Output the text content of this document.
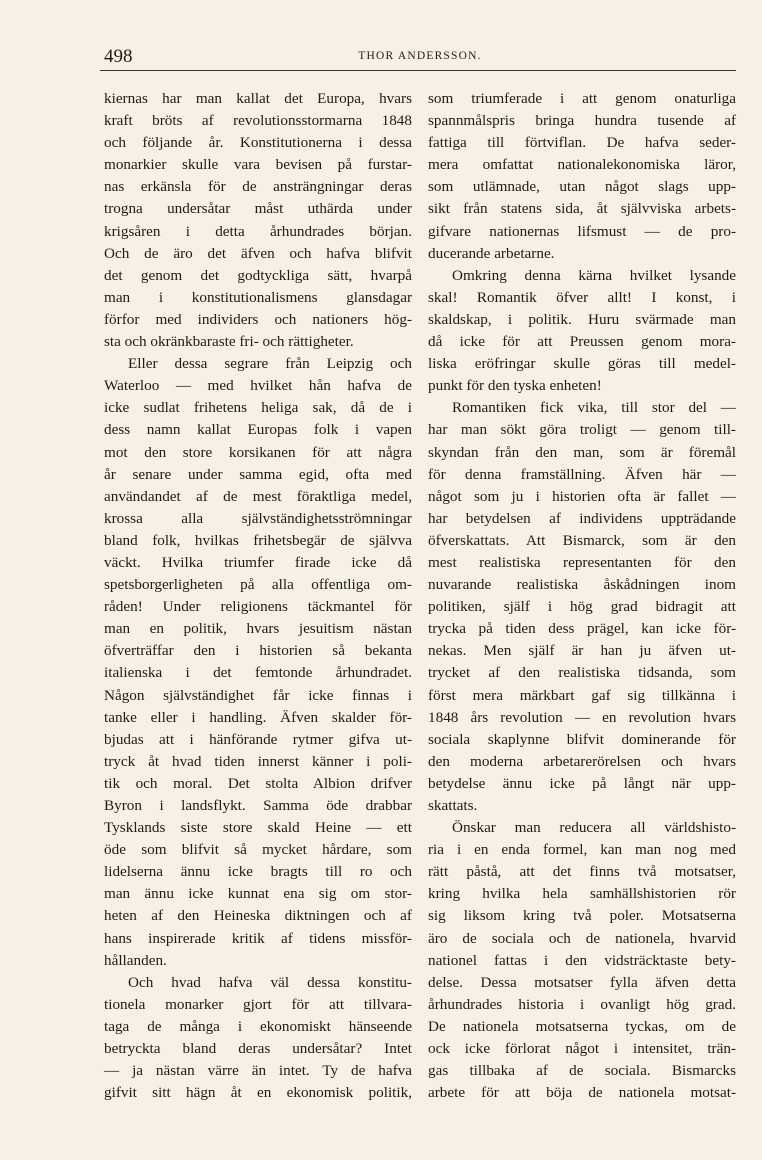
498	THOR ANDERSSON.
kiernas har man kallat det Europa, hvars
kraft bröts af revolutionsstormarna 1848
och följande år. Konstitutionerna i dessa
monarkier skulle vara bevisen på furstar-
nas erkänsla för de ansträngningar deras
trogna undersåtar måst uthärda under
krigsåren i detta århundrades början.
Och de äro det äfven och hafva blifvit
det genom det godtyckliga sätt, hvarpå
man i konstitutionalismens glansdagar
förfor med individers och nationers hög-
sta och okränkbaraste fri- och rättigheter.
Eller dessa segrare från Leipzig och
Waterloo — med hvilket hån hafva de
icke sudlat frihetens heliga sak, då de i
dess namn kallat Europas folk i vapen
mot den store korsikanen för att några
år senare under samma egid, ofta med
användandet af de mest föraktliga medel,
krossa alla självständighetsströmningar
bland folk, hvilkas frihetsbegär de självva
väckt. Hvilka triumfer firade icke då
spetsborgerligheten på alla offentliga om-
råden! Under religionens täckmantel för
man en politik, hvars jesuitism nästan
öfverträffar den i historien så bekanta
italienska i det femtonde århundradet.
Någon självständighet får icke finnas i
tanke eller i handling. Äfven skalder för-
bjudas att i hänförande rytmer gifva ut-
tryck åt hvad tiden innerst känner i poli-
tik och moral. Det stolta Albion drifver
Byron i landsflykt. Samma öde drabbar
Tysklands siste store skald Heine — ett
öde som blifvit så mycket hårdare, som
lidelserna ännu icke bragts till ro och
man ännu icke kunnat ena sig om stor-
heten af den Heineska diktningen och af
hans inspirerade kritik af tidens missför-
hållanden.
Och hvad hafva väl dessa konstitu-
tionela monarker gjort för att tillvara-
taga de många i ekonomiskt hänseende
betryckta bland deras undersåtar? Intet
— ja nästan värre än intet. Ty de hafva
gifvit sitt hägn åt en ekonomisk politik,
som triumferade i att genom onaturliga
spannmålspris bringa hundra tusende af
fattiga till förtviflan. De hafva seder-
mera omfattat nationalekonomiska läror,
som utlämnade, utan något slags upp-
sikt från statens sida, åt självviska arbets-
gifvare nationernas lifsmust — de pro-
ducerande arbetarne.
Omkring denna kärna hvilket lysande
skal! Romantik öfver allt! I konst, i
skaldskap, i politik. Huru svärmade man
då icke för att Preussen genom mora-
liska eröfringar skulle göras till medel-
punkt för den tyska enheten!
Romantiken fick vika, till stor del —
har man sökt göra troligt — genom till-
skyndan från den man, som är föremål
för denna framställning. Äfven här —
något som ju i historien ofta är fallet —
har betydelsen af individens uppträdande
öfverskattats. Att Bismarck, som är den
mest realistiska representanten för den
nuvarande realistiska åskådningen inom
politiken, själf i hög grad bidragit att
trycka på tiden dess prägel, kan icke för-
nekas. Men själf är han ju äfven ut-
trycket af den realistiska tidsanda, som
först mera märkbart gaf sig tillkänna i
1848 års revolution — en revolution hvars
sociala skaplynne blifvit dominerande för
den moderna arbetarerörelsen och hvars
betydelse ännu icke på långt när upp-
skattats.
Önskar man reducera all världshisto-
ria i en enda formel, kan man nog med
rätt påstå, att det finns två motsatser,
kring hvilka hela samhällshistorien rör
sig liksom kring två poler. Motsatserna
äro de sociala och de nationela, hvarvid
nationel fattas i den vidsträcktaste bety-
delse. Dessa motsatser fylla äfven detta
århundrades historia i ovanligt hög grad.
De nationela motsatserna tyckas, om de
ock icke förlorat något i intensitet, trän-
gas tillbaka af de sociala. Bismarcks
arbete för att böja de nationela motsat-
